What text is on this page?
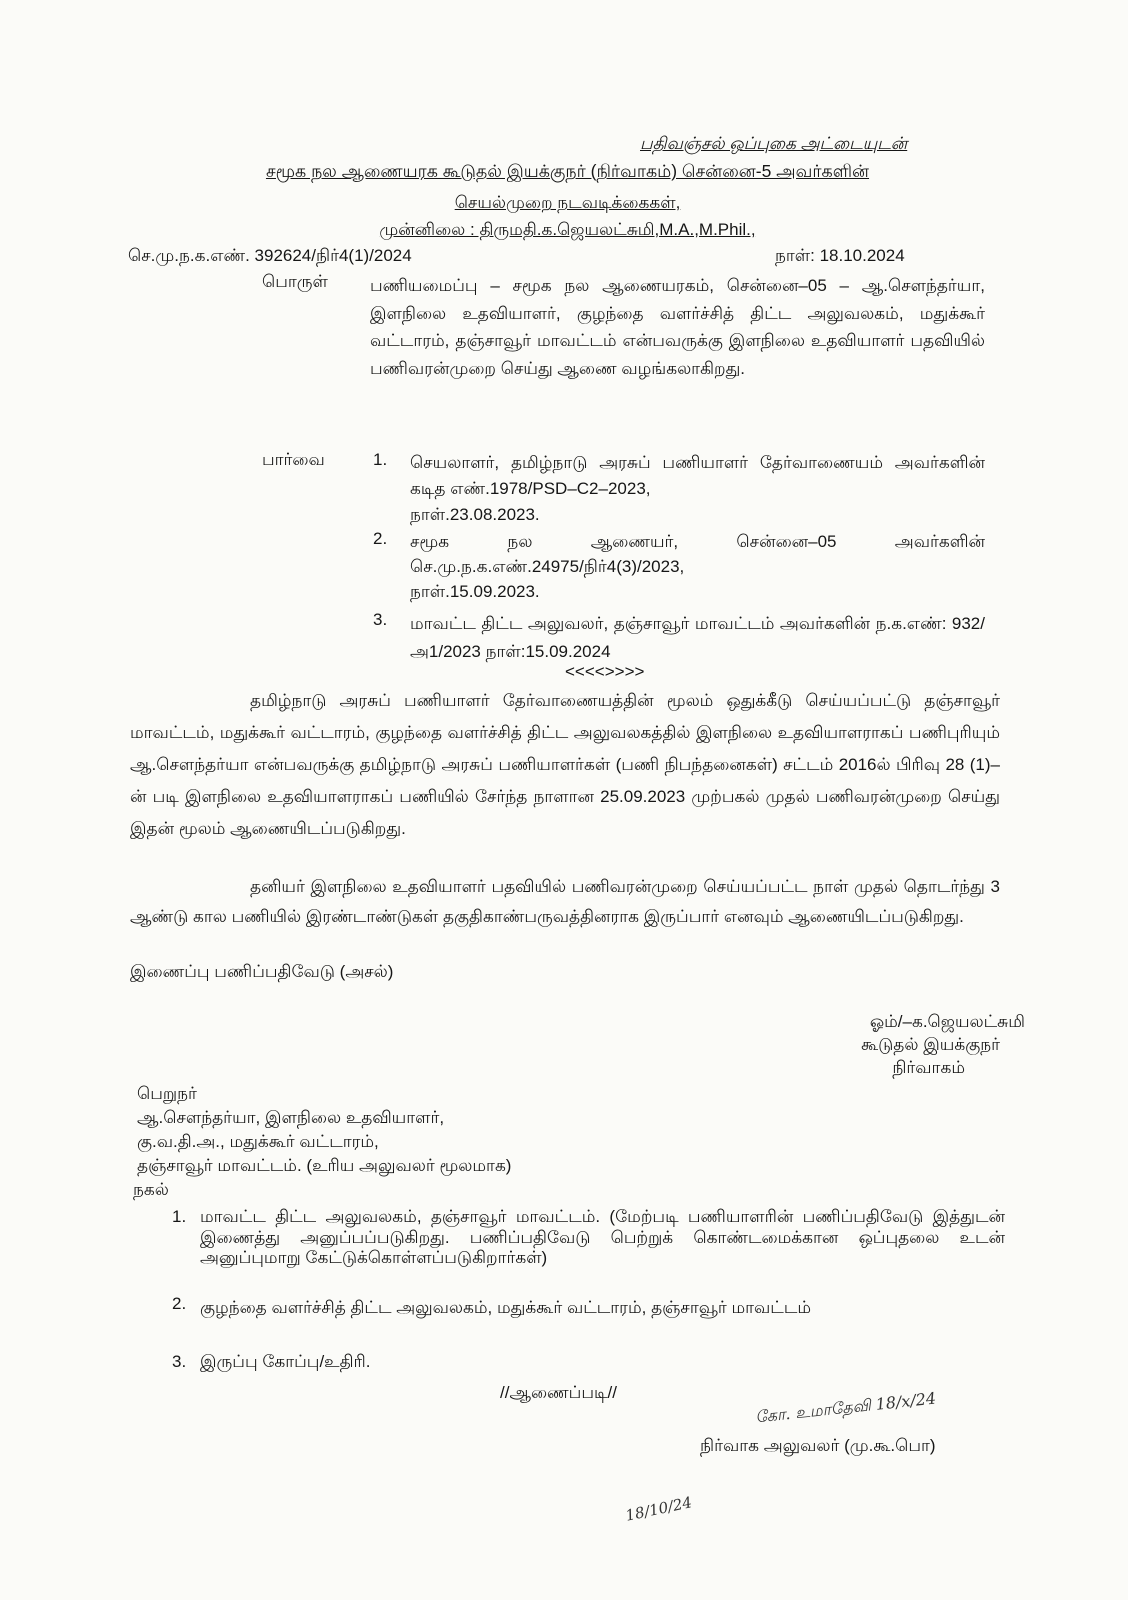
பதிவஞ்சல் ஒப்புகை அட்டையுடன்
சமூக நல ஆணையரக கூடுதல் இயக்குநர் (நிர்வாகம்) சென்னை-5 அவர்களின்
செயல்முறை நடவடிக்கைகள்,
முன்னிலை : திருமதி.க.ஜெயலட்சுமி,M.A.,M.Phil.,
செ.மு.ந.க.எண். 392624/நிர்4(1)/2024	நாள்: 18.10.2024
பொருள் பணியமைப்பு – சமூக நல ஆணையரகம், சென்னை–05 – ஆ.சௌந்தர்யா, இளநிலை உதவியாளர், குழந்தை வளர்ச்சித் திட்ட அலுவலகம், மதுக்கூர் வட்டாரம், தஞ்சாவூர் மாவட்டம் என்பவருக்கு இளநிலை உதவியாளர் பதவியில் பணிவரன்முறை செய்து ஆணை வழங்கலாகிறது.
பார்வை	1. செயலாளர், தமிழ்நாடு அரசுப் பணியாளர் தேர்வாணையம் அவர்களின் கடித எண்.1978/PSD–C2–2023,
நாள்.23.08.2023.
2. சமூக நல ஆணையர், சென்னை–05 அவர்களின்
செ.மு.ந.க.எண்.24975/நிர்4(3)/2023,
நாள்.15.09.2023.
3. மாவட்ட திட்ட அலுவலர், தஞ்சாவூர் மாவட்டம் அவர்களின் ந.க.எண்: 932/அ1/2023 நாள்:15.09.2024
<<<<>>>>
தமிழ்நாடு அரசுப் பணியாளர் தேர்வாணையத்தின் மூலம் ஒதுக்கீடு செய்யப்பட்டு தஞ்சாவூர் மாவட்டம், மதுக்கூர் வட்டாரம், குழந்தை வளர்ச்சித் திட்ட அலுவலகத்தில் இளநிலை உதவியாளராகப் பணிபுரியும் ஆ.சௌந்தர்யா என்பவருக்கு தமிழ்நாடு அரசுப் பணியாளர்கள் (பணி நிபந்தனைகள்) சட்டம் 2016ல் பிரிவு 28 (1)–ன் படி இளநிலை உதவியாளராகப் பணியில் சேர்ந்த நாளான 25.09.2023 முற்பகல் முதல் பணிவரன்முறை செய்து இதன் மூலம் ஆணையிடப்படுகிறது.
தனியர் இளநிலை உதவியாளர் பதவியில் பணிவரன்முறை செய்யப்பட்ட நாள் முதல் தொடர்ந்து 3 ஆண்டு கால பணியில் இரண்டாண்டுகள் தகுதிகாண்பருவத்தினராக இருப்பார் எனவும் ஆணையிடப்படுகிறது.
இணைப்பு பணிப்பதிவேடு (அசல்)
ஓம்/–க.ஜெயலட்சுமி
கூடுதல் இயக்குநர்
நிர்வாகம்
பெறுநர்
ஆ.சௌந்தர்யா, இளநிலை உதவியாளர்,
கு.வ.தி.அ., மதுக்கூர் வட்டாரம்,
தஞ்சாவூர் மாவட்டம். (உரிய அலுவலர் மூலமாக)
நகல்
1. மாவட்ட திட்ட அலுவலகம், தஞ்சாவூர் மாவட்டம். (மேற்படி பணியாளரின் பணிப்பதிவேடு இத்துடன் இணைத்து அனுப்பப்படுகிறது. பணிப்பதிவேடு பெற்றுக் கொண்டமைக்கான ஒப்புதலை உடன் அனுப்புமாறு கேட்டுக்கொள்ளப்படுகிறார்கள்)
2. குழந்தை வளர்ச்சித் திட்ட அலுவலகம், மதுக்கூர் வட்டாரம், தஞ்சாவூர் மாவட்டம்
3. இருப்பு கோப்பு/உதிரி.
//ஆணைப்படி//	கோ. உமாதேவி 18/x/24
நிர்வாக அலுவலர் (மு.கூ.பொ)
18/10/24
